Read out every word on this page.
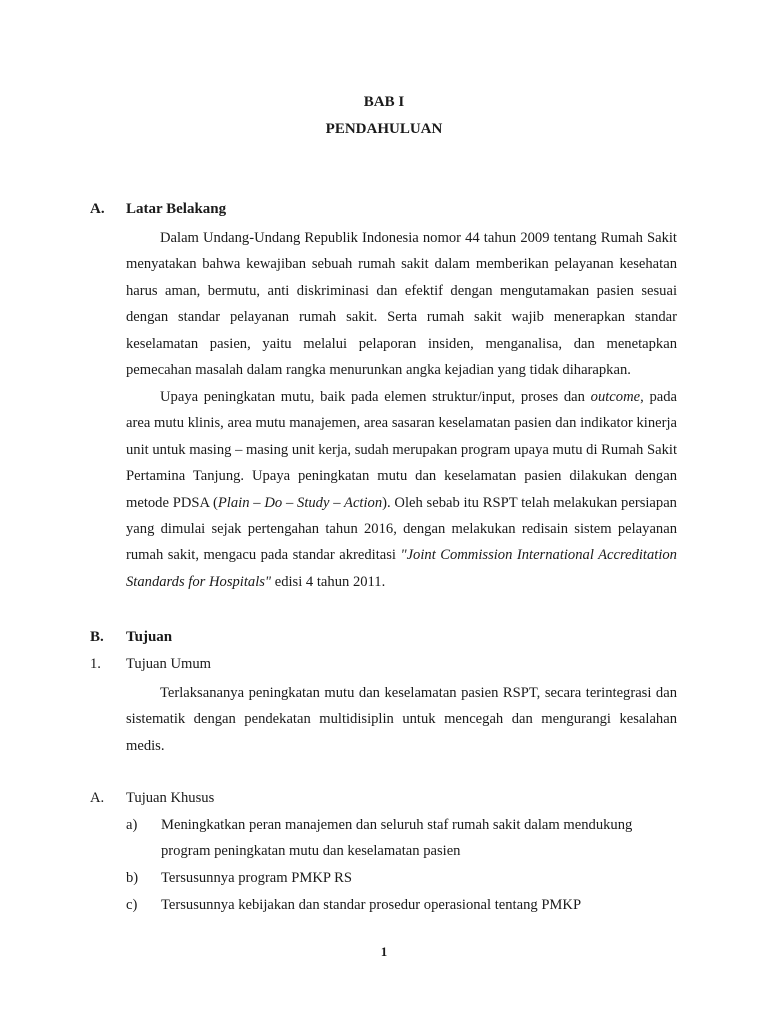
BAB I
PENDAHULUAN
A. Latar Belakang

Dalam Undang-Undang Republik Indonesia nomor 44 tahun 2009 tentang Rumah Sakit menyatakan bahwa kewajiban sebuah rumah sakit dalam memberikan pelayanan kesehatan harus aman, bermutu, anti diskriminasi dan efektif dengan mengutamakan pasien sesuai dengan standar pelayanan rumah sakit. Serta rumah sakit wajib menerapkan standar keselamatan pasien, yaitu melalui pelaporan insiden, menganalisa, dan menetapkan pemecahan masalah dalam rangka menurunkan angka kejadian yang tidak diharapkan.

Upaya peningkatan mutu, baik pada elemen struktur/input, proses dan outcome, pada area mutu klinis, area mutu manajemen, area sasaran keselamatan pasien dan indikator kinerja unit untuk masing – masing unit kerja, sudah merupakan program upaya mutu di Rumah Sakit Pertamina Tanjung. Upaya peningkatan mutu dan keselamatan pasien dilakukan dengan metode PDSA (Plain – Do – Study – Action). Oleh sebab itu RSPT telah melakukan persiapan yang dimulai sejak pertengahan tahun 2016, dengan melakukan redisain sistem pelayanan rumah sakit, mengacu pada standar akreditasi "Joint Commission International Accreditation Standards for Hospitals" edisi 4 tahun 2011.

B. Tujuan
1. Tujuan Umum

Terlaksananya peningkatan mutu dan keselamatan pasien RSPT, secara terintegrasi dan sistematik dengan pendekatan multidisiplin untuk mencegah dan mengurangi kesalahan medis.

A. Tujuan Khusus
a) Meningkatkan peran manajemen dan seluruh staf rumah sakit dalam mendukung program peningkatan mutu dan keselamatan pasien

b) Tersusunnya program PMKP RS

c) Tersusunnya kebijakan dan standar prosedur operasional tentang PMKP

1
